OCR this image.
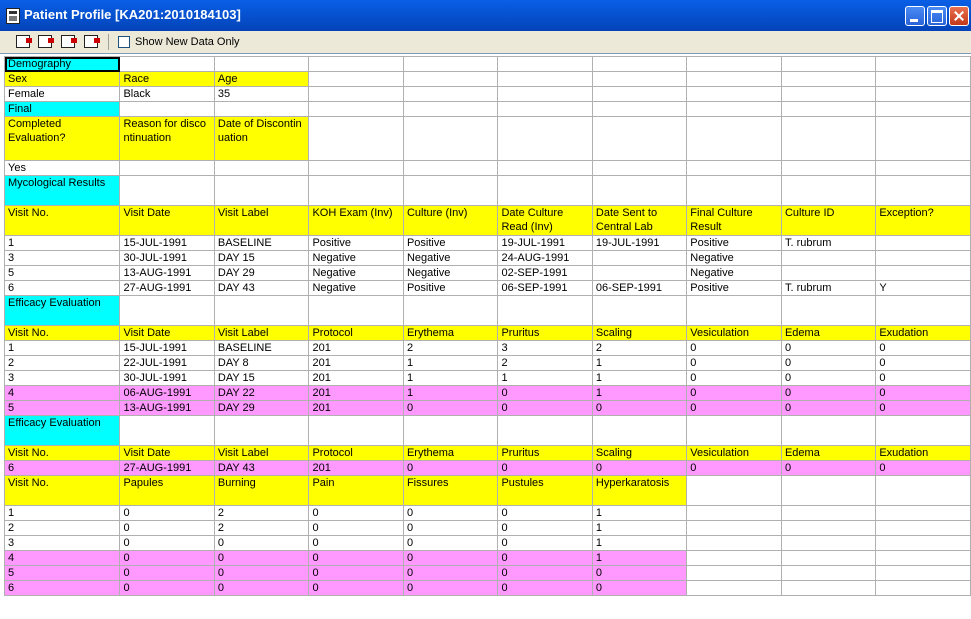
Patient Profile [KA201:2010184103]
Show New Data Only
Demography									
Sex	Race	Age							
Female	Black	35							
Final									
Completed Evaluation?	Reason for discontinuation	Date of Discontinuation							
Yes									
Mycological Results									
Visit No.	Visit Date	Visit Label	KOH Exam (Inv)	Culture (Inv)	Date Culture Read (Inv)	Date Sent to Central Lab	Final Culture Result	Culture ID	Exception?
1	15-JUL-1991	BASELINE	Positive	Positive	19-JUL-1991	19-JUL-1991	Positive	T. rubrum	
3	30-JUL-1991	DAY 15	Negative	Negative	24-AUG-1991		Negative		
5	13-AUG-1991	DAY 29	Negative	Negative	02-SEP-1991		Negative		
6	27-AUG-1991	DAY 43	Negative	Positive	06-SEP-1991	06-SEP-1991	Positive	T. rubrum	Y
Efficacy Evaluation									
Visit No.	Visit Date	Visit Label	Protocol	Erythema	Pruritus	Scaling	Vesiculation	Edema	Exudation
1	15-JUL-1991	BASELINE	201	2	3	2	0	0	0
2	22-JUL-1991	DAY 8	201	1	2	1	0	0	0
3	30-JUL-1991	DAY 15	201	1	1	1	0	0	0
4	06-AUG-1991	DAY 22	201	1	0	1	0	0	0
5	13-AUG-1991	DAY 29	201	0	0	0	0	0	0
Efficacy Evaluation									
Visit No.	Visit Date	Visit Label	Protocol	Erythema	Pruritus	Scaling	Vesiculation	Edema	Exudation
6	27-AUG-1991	DAY 43	201	0	0	0	0	0	0
Visit No.	Papules	Burning	Pain	Fissures	Pustules	Hyperkaratosis			
1	0	2	0	0	0	1			
2	0	2	0	0	0	1			
3	0	0	0	0	0	1			
4	0	0	0	0	0	1			
5	0	0	0	0	0	0			
6	0	0	0	0	0	0			
